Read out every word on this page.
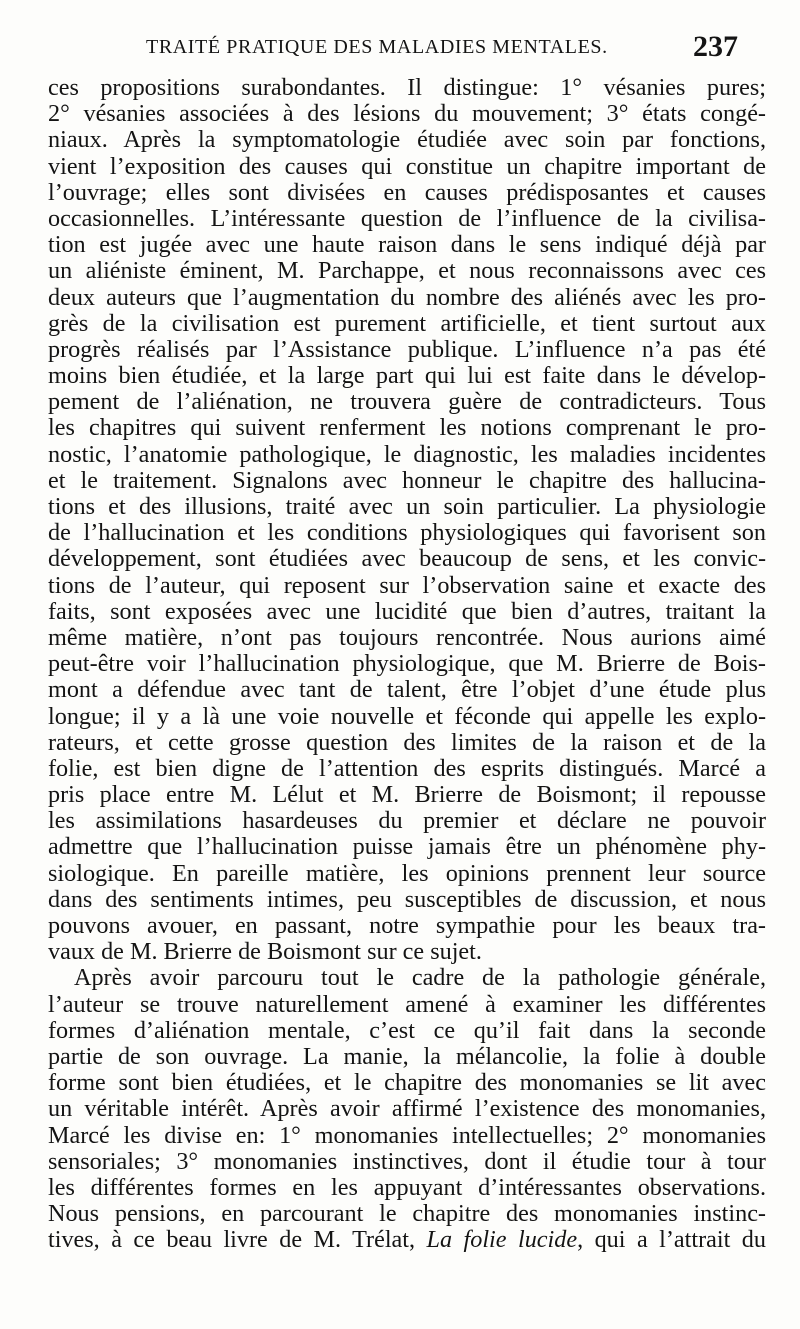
TRAITÉ PRATIQUE DES MALADIES MENTALES.	237
ces propositions surabondantes. Il distingue: 1° vésanies pures;
2° vésanies associées à des lésions du mouvement; 3° états congé-
niaux. Après la symptomatologie étudiée avec soin par fonctions,
vient l’exposition des causes qui constitue un chapitre important de
l’ouvrage; elles sont divisées en causes prédisposantes et causes
occasionnelles. L’intéressante question de l’influence de la civilisa-
tion est jugée avec une haute raison dans le sens indiqué déjà par
un aliéniste éminent, M. Parchappe, et nous reconnaissons avec ces
deux auteurs que l’augmentation du nombre des aliénés avec les pro-
grès de la civilisation est purement artificielle, et tient surtout aux
progrès réalisés par l’Assistance publique. L’influence n’a pas été
moins bien étudiée, et la large part qui lui est faite dans le dévelop-
pement de l’aliénation, ne trouvera guère de contradicteurs. Tous
les chapitres qui suivent renferment les notions comprenant le pro-
nostic, l’anatomie pathologique, le diagnostic, les maladies incidentes
et le traitement. Signalons avec honneur le chapitre des hallucina-
tions et des illusions, traité avec un soin particulier. La physiologie
de l’hallucination et les conditions physiologiques qui favorisent son
développement, sont étudiées avec beaucoup de sens, et les convic-
tions de l’auteur, qui reposent sur l’observation saine et exacte des
faits, sont exposées avec une lucidité que bien d’autres, traitant la
même matière, n’ont pas toujours rencontrée. Nous aurions aimé
peut-être voir l’hallucination physiologique, que M. Brierre de Bois-
mont a défendue avec tant de talent, être l’objet d’une étude plus
longue; il y a là une voie nouvelle et féconde qui appelle les explo-
rateurs, et cette grosse question des limites de la raison et de la
folie, est bien digne de l’attention des esprits distingués. Marcé a
pris place entre M. Lélut et M. Brierre de Boismont; il repousse
les assimilations hasardeuses du premier et déclare ne pouvoir
admettre que l’hallucination puisse jamais être un phénomène phy-
siologique. En pareille matière, les opinions prennent leur source
dans des sentiments intimes, peu susceptibles de discussion, et nous
pouvons avouer, en passant, notre sympathie pour les beaux tra-
vaux de M. Brierre de Boismont sur ce sujet.
Après avoir parcouru tout le cadre de la pathologie générale,
l’auteur se trouve naturellement amené à examiner les différentes
formes d’aliénation mentale, c’est ce qu’il fait dans la seconde
partie de son ouvrage. La manie, la mélancolie, la folie à double
forme sont bien étudiées, et le chapitre des monomanies se lit avec
un véritable intérêt. Après avoir affirmé l’existence des monomanies,
Marcé les divise en: 1° monomanies intellectuelles; 2° monomanies
sensoriales; 3° monomanies instinctives, dont il étudie tour à tour
les différentes formes en les appuyant d’intéressantes observations.
Nous pensions, en parcourant le chapitre des monomanies instinc-
tives, à ce beau livre de M. Trélat, La folie lucide, qui a l’attrait du
